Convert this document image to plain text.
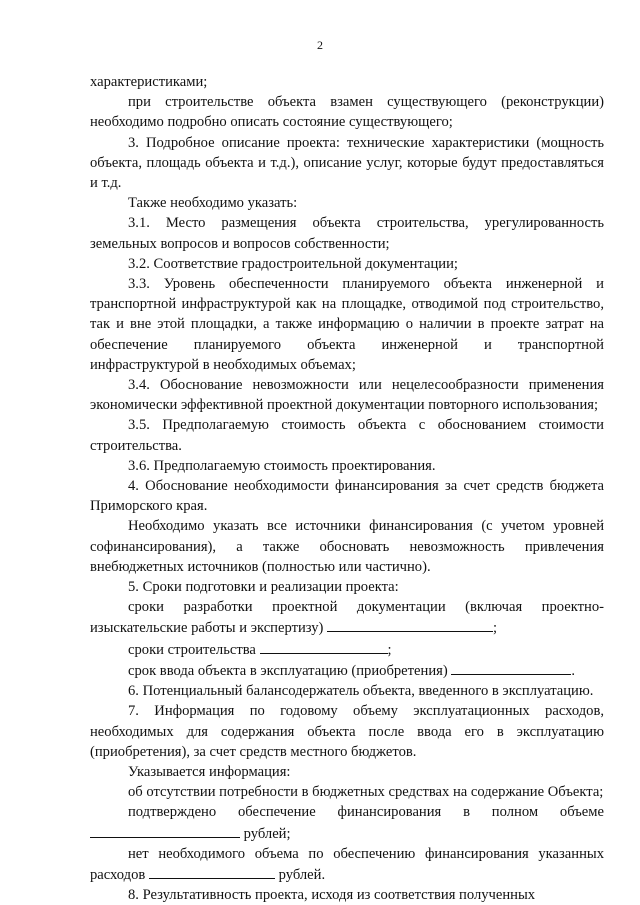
2

характеристиками;

при строительстве объекта взамен существующего (реконструкции) необходимо подробно описать состояние существующего;

3. Подробное описание проекта: технические характеристики (мощность объекта, площадь объекта и т.д.), описание услуг, которые будут предоставляться и т.д.

Также необходимо указать:

3.1. Место размещения объекта строительства, урегулированность земельных вопросов и вопросов собственности;

3.2. Соответствие градостроительной документации;

3.3. Уровень обеспеченности планируемого объекта инженерной и транспортной инфраструктурой как на площадке, отводимой под строительство, так и вне этой площадки, а также информацию о наличии в проекте затрат на обеспечение планируемого объекта инженерной и транспортной инфраструктурой в необходимых объемах;

3.4. Обоснование невозможности или нецелесообразности применения экономически эффективной проектной документации повторного использования;

3.5. Предполагаемую стоимость объекта с обоснованием стоимости строительства.

3.6. Предполагаемую стоимость проектирования.

4. Обоснование необходимости финансирования за счет средств бюджета Приморского края.

Необходимо указать все источники финансирования (с учетом уровней софинансирования), а также обосновать невозможность привлечения внебюджетных источников (полностью или частично).

5. Сроки подготовки и реализации проекта:

сроки разработки проектной документации (включая проектно-изыскательские работы и экспертизу)	;

сроки строительства	;

срок ввода объекта в эксплуатацию (приобретения)	.

6. Потенциальный балансодержатель объекта, введенного в эксплуатацию.

7. Информация по годовому объему эксплуатационных расходов, необходимых для содержания объекта после ввода его в эксплуатацию (приобретения), за счет средств местного бюджетов.

Указывается информация:

об отсутствии потребности в бюджетных средствах на содержание Объекта;

подтверждено обеспечение финансирования в полном объеме  рублей;

нет необходимого объема по обеспечению финансирования указанных расходов	рублей.

8. Результативность проекта, исходя из соответствия полученных
